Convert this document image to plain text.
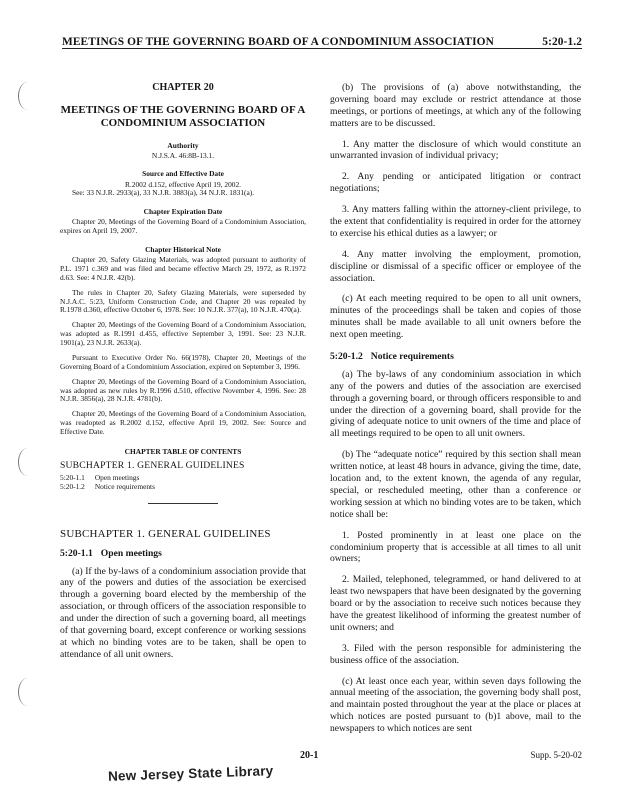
MEETINGS OF THE GOVERNING BOARD OF A CONDOMINIUM ASSOCIATION	5:20-1.2
CHAPTER 20
MEETINGS OF THE GOVERNING BOARD OF A CONDOMINIUM ASSOCIATION
Authority
N.J.S.A. 46:8B-13.1.
Source and Effective Date
R.2002 d.152, effective April 19, 2002.
See: 33 N.J.R. 2933(a), 33 N.J.R. 3883(a), 34 N.J.R. 1831(a).
Chapter Expiration Date
Chapter 20, Meetings of the Governing Board of a Condominium Association, expires on April 19, 2007.
Chapter Historical Note
Chapter 20, Safety Glazing Materials, was adopted pursuant to authority of P.L. 1971 c.369 and was filed and became effective March 29, 1972, as R.1972 d.63. See: 4 N.J.R. 42(b).
The rules in Chapter 20, Safety Glazing Materials, were superseded by N.J.A.C. 5:23, Uniform Construction Code, and Chapter 20 was repealed by R.1978 d.360, effective October 6, 1978. See: 10 N.J.R. 377(a), 10 N.J.R. 470(a).
Chapter 20, Meetings of the Governing Board of a Condominium Association, was adopted as R.1991 d.455, effective September 3, 1991. See: 23 N.J.R. 1901(a), 23 N.J.R. 2633(a).
Pursuant to Executive Order No. 66(1978), Chapter 20, Meetings of the Governing Board of a Condominium Association, expired on September 3, 1996.
Chapter 20, Meetings of the Governing Board of a Condominium Association, was adopted as new rules by R.1996 d.510, effective November 4, 1996. See: 28 N.J.R. 3856(a), 28 N.J.R. 4781(b).
Chapter 20, Meetings of the Governing Board of a Condominium Association, was readopted as R.2002 d.152, effective April 19, 2002. See: Source and Effective Date.
CHAPTER TABLE OF CONTENTS
SUBCHAPTER 1. GENERAL GUIDELINES
5:20-1.1 Open meetings
5:20-1.2 Notice requirements
SUBCHAPTER 1. GENERAL GUIDELINES
5:20-1.1 Open meetings
(a) If the by-laws of a condominium association provide that any of the powers and duties of the association be exercised through a governing board elected by the membership of the association, or through officers of the association responsible to and under the direction of such a governing board, all meetings of that governing board, except conference or working sessions at which no binding votes are to be taken, shall be open to attendance of all unit owners.
(b) The provisions of (a) above notwithstanding, the governing board may exclude or restrict attendance at those meetings, or portions of meetings, at which any of the following matters are to be discussed.
1. Any matter the disclosure of which would constitute an unwarranted invasion of individual privacy;
2. Any pending or anticipated litigation or contract negotiations;
3. Any matters falling within the attorney-client privilege, to the extent that confidentiality is required in order for the attorney to exercise his ethical duties as a lawyer; or
4. Any matter involving the employment, promotion, discipline or dismissal of a specific officer or employee of the association.
(c) At each meeting required to be open to all unit owners, minutes of the proceedings shall be taken and copies of those minutes shall be made available to all unit owners before the next open meeting.
5:20-1.2 Notice requirements
(a) The by-laws of any condominium association in which any of the powers and duties of the association are exercised through a governing board, or through officers responsible to and under the direction of a governing board, shall provide for the giving of adequate notice to unit owners of the time and place of all meetings required to be open to all unit owners.
(b) The “adequate notice” required by this section shall mean written notice, at least 48 hours in advance, giving the time, date, location and, to the extent known, the agenda of any regular, special, or rescheduled meeting, other than a conference or working session at which no binding votes are to be taken, which notice shall be:
1. Posted prominently in at least one place on the condominium property that is accessible at all times to all unit owners;
2. Mailed, telephoned, telegrammed, or hand delivered to at least two newspapers that have been designated by the governing board or by the association to receive such notices because they have the greatest likelihood of informing the greatest number of unit owners; and
3. Filed with the person responsible for administering the business office of the association.
(c) At least once each year, within seven days following the annual meeting of the association, the governing body shall post, and maintain posted throughout the year at the place or places at which notices are posted pursuant to (b)1 above, mail to the newspapers to which notices are sent
20-1	Supp. 5-20-02
New Jersey State Library
